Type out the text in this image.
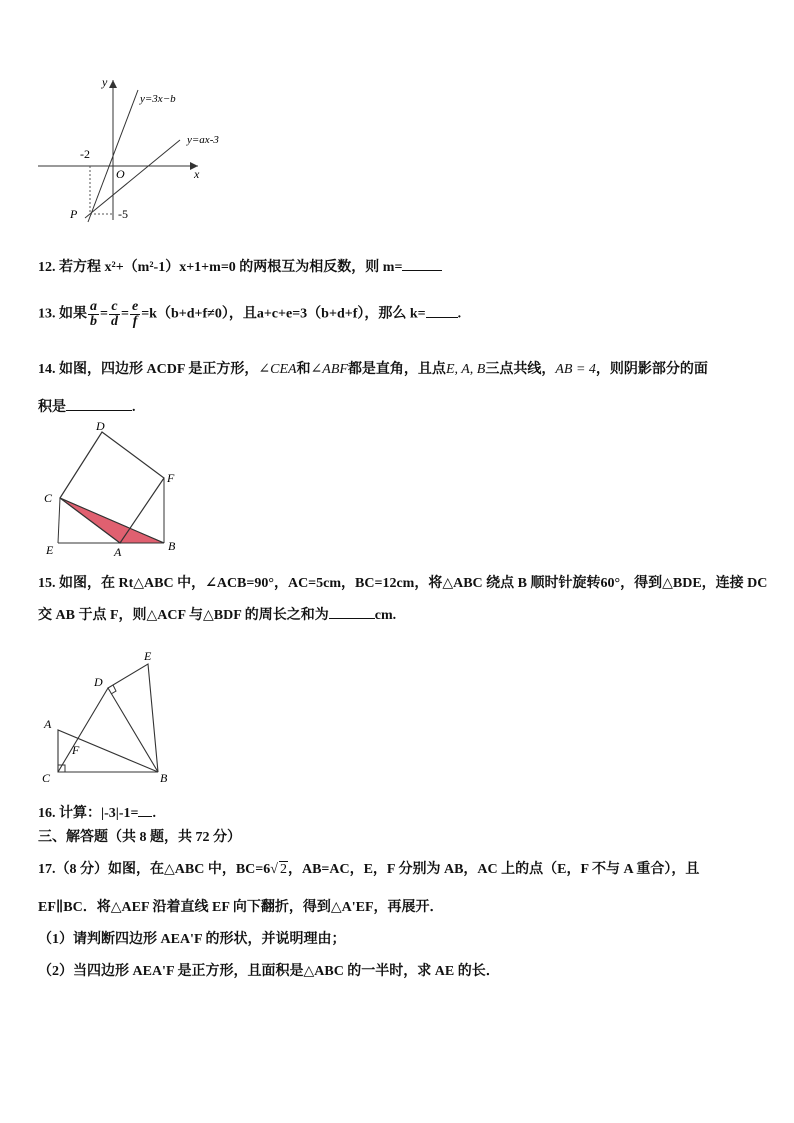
y
x
O
-2
-5
P
y=3x−b
y=ax-3
12. 若方程 x²+（m²-1）x+1+m=0 的两根互为相反数，则 m=
13. 如果 $\frac{a}{b} = \frac{c}{d} = \frac{e}{f} =k(b+d+f\ne 0)$，且a+c+e=3（b+d+f），那么 k= .
14. 如图，四边形 ACDF 是正方形，∠CEA和∠ABF都是直角，且点E, A, B三点共线，AB = 4，则阴影部分的面
积是	.
D
C
F
E	A	B
15. 如图，在 Rt△ABC 中，∠ACB=90°，AC=5cm，BC=12cm，将△ABC 绕点 B 顺时针旋转60°，得到△BDE，连接 DC
交 AB 于点 F，则△ACF 与△BDF 的周长之和为	cm.
E
D
A
F
C	B
16. 计算：|-3|-1= .
三、解答题（共 8 题，共 72 分）
17.（8 分）如图，在△ABC 中，BC=6√ 2，AB=AC，E，F 分别为 AB，AC 上的点（E，F 不与 A 重合），且
EF∥BC．将△AEF 沿着直线 EF 向下翻折，得到△A'EF，再展开．
（1）请判断四边形 AEA'F 的形状，并说明理由；
（2）当四边形 AEA'F 是正方形，且面积是△ABC 的一半时，求 AE 的长．
